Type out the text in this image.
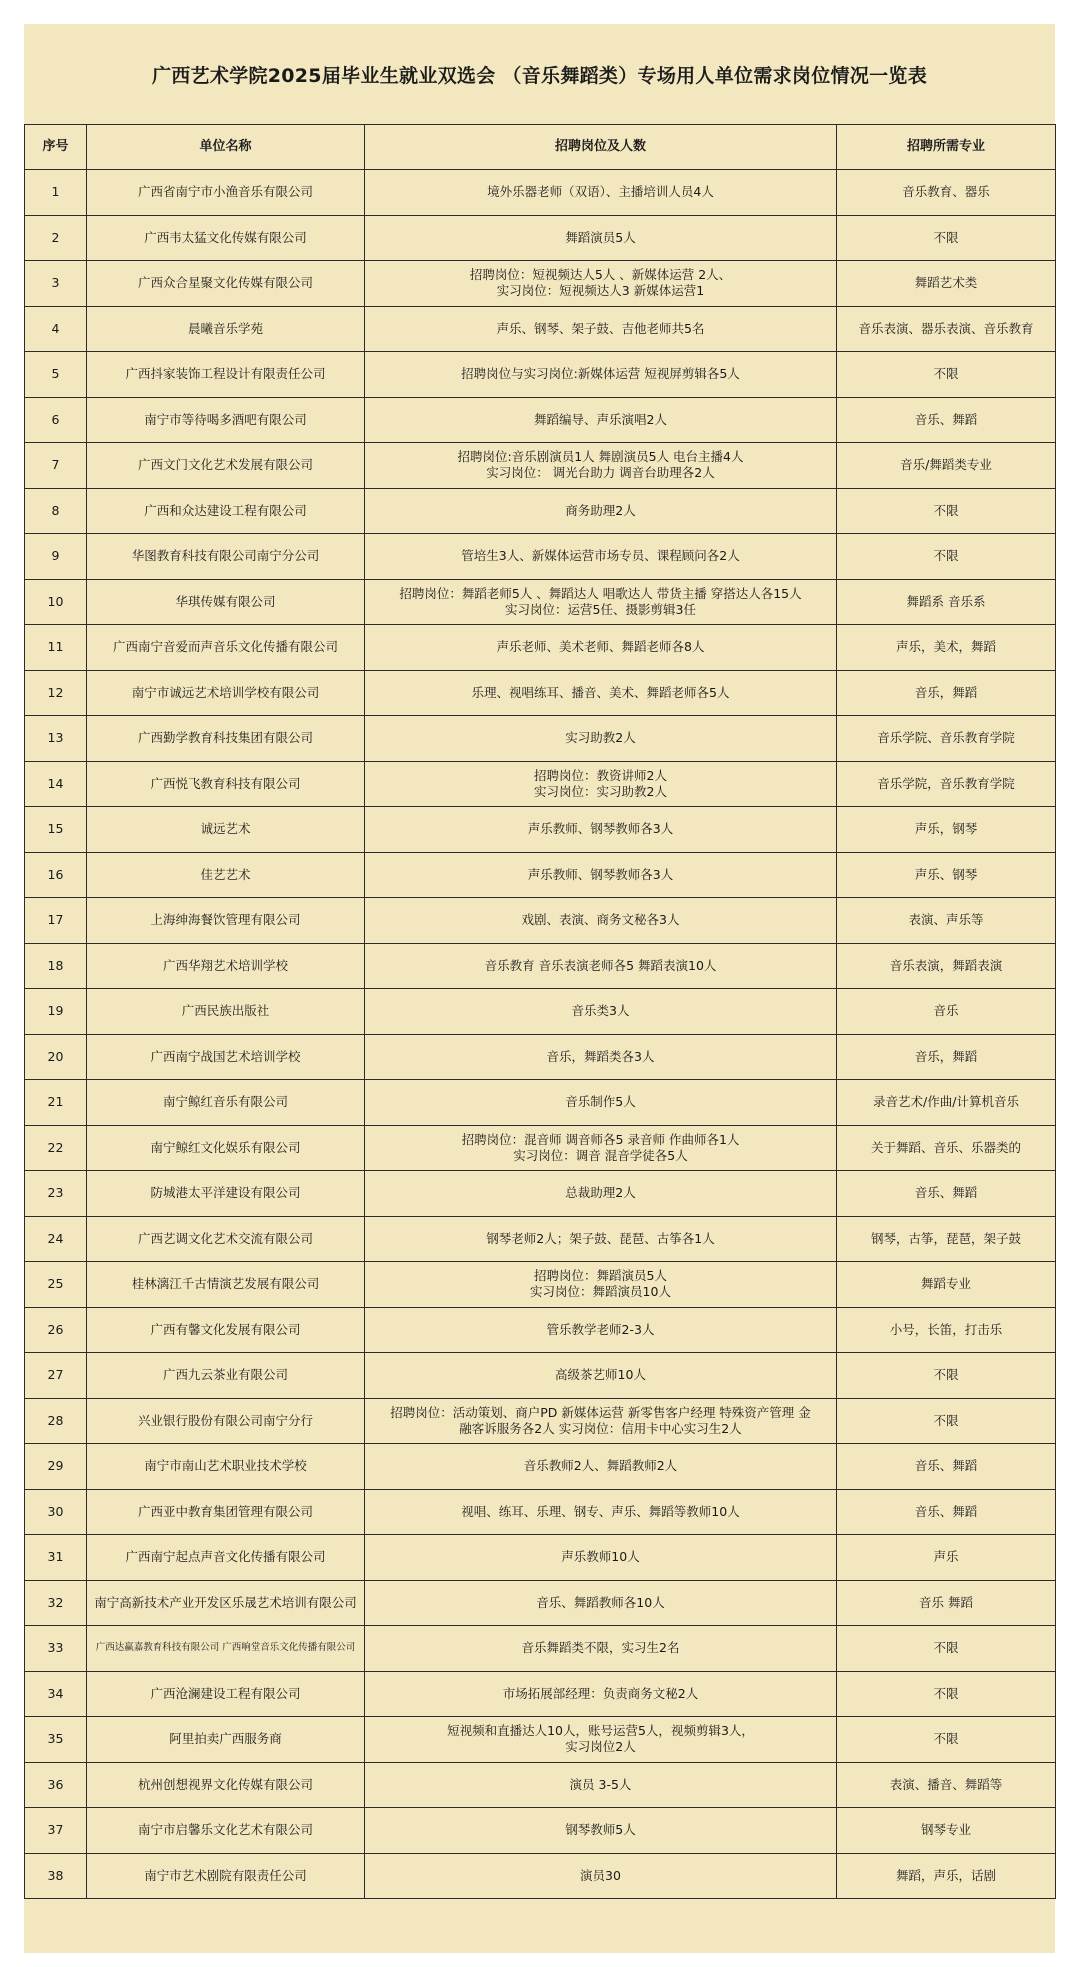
广西艺术学院2025届毕业生就业双选会 （音乐舞蹈类）专场用人单位需求岗位情况一览表
序号	单位名称	招聘岗位及人数	招聘所需专业
1	广西省南宁市小渔音乐有限公司	境外乐器老师（双语）、主播培训人员4人	音乐教育、器乐
2	广西韦太猛文化传媒有限公司	舞蹈演员5人	不限
3	广西众合星聚文化传媒有限公司	招聘岗位：短视频达人5人 、新媒体运营 2人、
实习岗位：短视频达人3 新媒体运营1	舞蹈艺术类
4	晨曦音乐学苑	声乐、钢琴、架子鼓、吉他老师共5名	音乐表演、器乐表演、音乐教育
5	广西抖家装饰工程设计有限责任公司	招聘岗位与实习岗位:新媒体运营 短视屏剪辑各5人	不限
6	南宁市等待喝多酒吧有限公司	舞蹈编导、声乐演唱2人	音乐、舞蹈
7	广西文门文化艺术发展有限公司	招聘岗位:音乐剧演员1人 舞剧演员5人 电台主播4人
实习岗位： 调光台助力 调音台助理各2人	音乐/舞蹈类专业
8	广西和众达建设工程有限公司	商务助理2人	不限
9	华图教育科技有限公司南宁分公司	管培生3人、新媒体运营市场专员、课程顾问各2人	不限
10	华琪传媒有限公司	招聘岗位：舞蹈老师5人 、舞蹈达人 唱歌达人 带货主播 穿搭达人各15人
实习岗位：运营5任、摄影剪辑3任	舞蹈系 音乐系
11	广西南宁音爱而声音乐文化传播有限公司	声乐老师、美术老师、舞蹈老师各8人	声乐，美术，舞蹈
12	南宁市诚远艺术培训学校有限公司	乐理、视唱练耳、播音、美术、舞蹈老师各5人	音乐，舞蹈
13	广西勤学教育科技集团有限公司	实习助教2人	音乐学院、音乐教育学院
14	广西悦飞教育科技有限公司	招聘岗位：教资讲师2人
实习岗位：实习助教2人	音乐学院，音乐教育学院
15	诚远艺术	声乐教师、钢琴教师各3人	声乐，钢琴
16	佳艺艺术	声乐教师、钢琴教师各3人	声乐、钢琴
17	上海绅海餐饮管理有限公司	戏剧、表演、商务文秘各3人	表演、声乐等
18	广西华翔艺术培训学校	音乐教育 音乐表演老师各5 舞蹈表演10人	音乐表演，舞蹈表演
19	广西民族出版社	音乐类3人	音乐
20	广西南宁战国艺术培训学校	音乐，舞蹈类各3人	音乐，舞蹈
21	南宁鲸红音乐有限公司	音乐制作5人	录音艺术/作曲/计算机音乐
22	南宁鲸红文化娱乐有限公司	招聘岗位：混音师 调音师各5 录音师 作曲师各1人
实习岗位：调音 混音学徒各5人	关于舞蹈、音乐、乐器类的
23	防城港太平洋建设有限公司	总裁助理2人	音乐、舞蹈
24	广西艺调文化艺术交流有限公司	钢琴老师2人；架子鼓、琵琶、古筝各1人	钢琴，古筝，琵琶，架子鼓
25	桂林漓江千古情演艺发展有限公司	招聘岗位：舞蹈演员5人
实习岗位：舞蹈演员10人	舞蹈专业
26	广西有馨文化发展有限公司	管乐教学老师2-3人	小号，长笛，打击乐
27	广西九云茶业有限公司	高级茶艺师10人	不限
28	兴业银行股份有限公司南宁分行	招聘岗位：活动策划、商户PD 新媒体运营 新零售客户经理 特殊资产管理 金
融客诉服务各2人 实习岗位：信用卡中心实习生2人	不限
29	南宁市南山艺术职业技术学校	音乐教师2人、舞蹈教师2人	音乐、舞蹈
30	广西亚中教育集团管理有限公司	视唱、练耳、乐理、钢专、声乐、舞蹈等教师10人	音乐、舞蹈
31	广西南宁起点声音文化传播有限公司	声乐教师10人	声乐
32	南宁高新技术产业开发区乐晟艺术培训有限公司	音乐、舞蹈教师各10人	音乐 舞蹈
33	广西达赢嘉教育科技有限公司 广西响堂音乐文化传播有限公司	音乐舞蹈类不限，实习生2名	不限
34	广西沧澜建设工程有限公司	市场拓展部经理：负责商务文秘2人	不限
35	阿里拍卖广西服务商	短视频和直播达人10人，账号运营5人，视频剪辑3人，
实习岗位2人	不限
36	杭州创想视界文化传媒有限公司	演员 3-5人	表演、播音、舞蹈等
37	南宁市启馨乐文化艺术有限公司	钢琴教师5人	钢琴专业
38	南宁市艺术剧院有限责任公司	演员30	舞蹈，声乐，话剧
